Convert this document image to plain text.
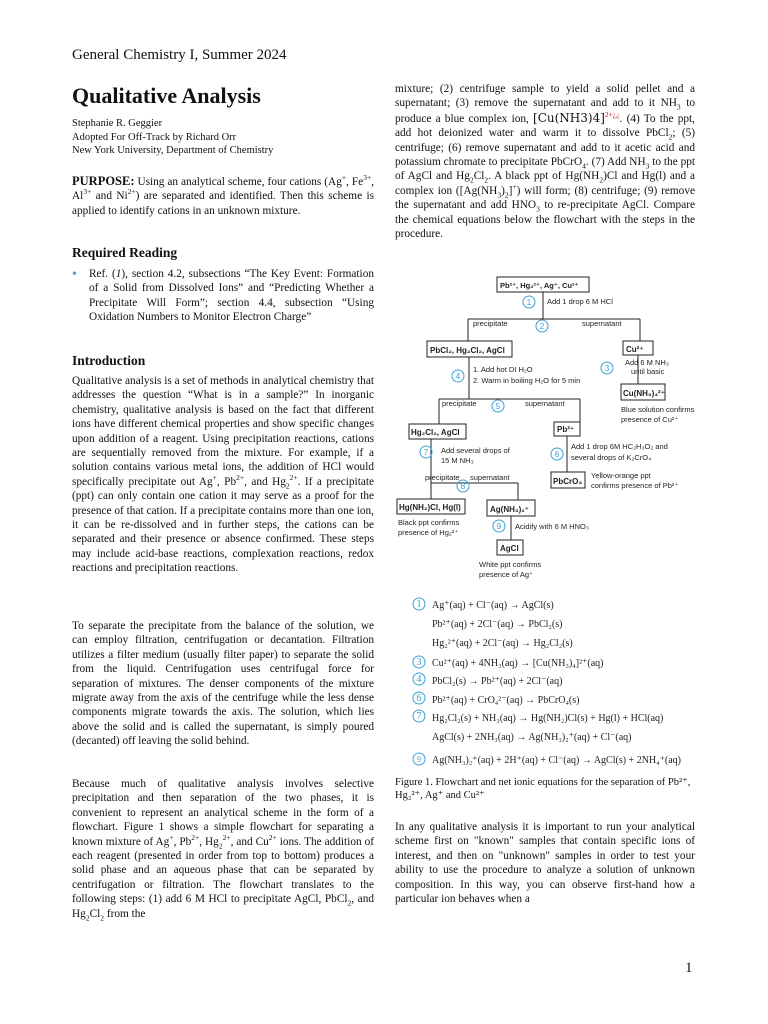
General Chemistry I, Summer 2024
Qualitative Analysis
Stephanie R. Geggier
Adopted For Off-Track by Richard Orr
New York University, Department of Chemistry

PURPOSE: Using an analytical scheme, four cations (Ag+, $Fe^{3+}$, $Al^{3+}$ and $Ni^{2+}$) are separated and identified. Then this scheme is applied to identify cations in an unknown mixture.

Required Reading
• Ref. (1), section 4.2, subsections “The Key Event: Formation of a Solid from Dissolved Ions” and “Predicting Whether a Precipitate Will Form”; section 4.4, subsection “Using Oxidation Numbers to Monitor Electron Charge”

Introduction

Qualitative analysis is a set of methods in analytical chemistry that addresses the question “What is in a sample?” In inorganic chemistry, qualitative analysis is based on the fact that different ions have different chemical properties and show specific changes upon addition of a reagent. Using precipitation reactions, cations are sequentially removed from the mixture. For example, if a solution contains various metal ions, the addition of HCl would specifically precipitate out Ag+, $Pb^{2+}$, and $Hg_2^{2+}$. If a precipitate (ppt) can only contain one cation it may serve as a proof for the presence of that cation. If a precipitate contains more than one ion, it can be re-dissolved and in further steps, the cations can be separated and their presence or absence confirmed. These steps may include acid-base reactions, complexation reactions, redox reactions and precipitation reactions.

To separate the precipitate from the balance of the solution, we can employ filtration, centrifugation or decantation. Filtration utilizes a filter medium (usually filter paper) to separate the solid from the liquid. Centrifugation uses centrifugal force for separation of mixtures. The denser components of the mixture migrate away from the axis of the centrifuge while the less dense components migrate towards the axis. The solution, which lies above the solid and is called the supernatant, is simply poured (decanted) off leaving the solid behind.

Because much of qualitative analysis involves selective precipitation and then separation of the two phases, it is convenient to represent an analytical scheme in the form of a flowchart. Figure 1 shows a simple flowchart for separating a known mixture of Ag+, $Pb^{2+}$, $Hg_2^{2+}$, and $Cu^{2+}$ ions. The addition of each reagent (presented in order from top to bottom) produces a solid phase and an aqueous phase that can be separated by centrifugation or filtration. The flowchart translates to the following steps: (1) add 6 M HCl to precipitate AgCl, PbCl$_2$, and $Hg_2Cl_2$ from the

mixture; (2) centrifuge sample to yield a solid pellet and a supernatant; (3) remove the supernatant and add to it $NH_3$ to produce a blue complex ion, $[Cu(NH3)4]^{2+¿¿}$. (4) To the ppt, add hot deionized water and warm it to dissolve PbCl$_2$; (5) centrifuge; (6) remove supernatant and add to it acetic acid and potassium chromate to precipitate PbCrO$_4$. (7) Add $NH_3$ to the ppt of AgCl and $Hg_2Cl_2$. A black ppt of $Hg(NH_2)Cl$ and Hg(l) and a complex ion $([Ag(NH_3)_2]^+)$ will form; (8) centrifuge; (9) remove the supernatant and add $HNO_3$ to re-precipitate AgCl. Compare the chemical equations below the flowchart with the steps in the procedure.

Pb²⁺, Hg₂²⁺, Ag⁺, Cu²⁺
Add 1 drop 6 M HCl
precipitate	supernatant
PbCl₂, Hg₂Cl₂, AgCl	Cu²⁺
Add 6 M NH₃
until basic
Cu(NH₃)₄²⁺
Blue solution confirms
presence of Cu²⁺
1. Add hot DI H₂O
2. Warm in boiling H₂O for 5 min
precipitate	supernatant
Hg₂Cl₂, AgCl	Pb²⁺
Add several drops of
15 M NH₃
Add 1 drop 6M HC₂H₃O₂ and
several drops of K₂CrO₄
PbCrO₄
Yellow-orange ppt
confirms presence of Pb²⁺
precipitate supernatant
Hg(NH₂)Cl, Hg(l)	Ag(NH₃)₂⁺
Black ppt confirms
presence of Hg₂²⁺
Acidify with 6 M HNO₃
AgCl
White ppt confirms
presence of Ag⁺
1
2
3
4
5
7	6
8
9
1
3
4
6
7
Ag⁺(aq) + Cl⁻(aq) → AgCl(s)
Pb²⁺(aq) + 2Cl⁻(aq) → PbCl₂(s)
Hg₂²⁺(aq) + 2Cl⁻(aq) → Hg₂Cl₂(s)
Cu²⁺(aq) + 4NH₃(aq) → [Cu(NH₃)₄]²⁺(aq)
PbCl₂(s) → Pb²⁺(aq) + 2Cl⁻(aq)
Pb²⁺(aq) + CrO₄²⁻(aq) → PbCrO₄(s)
Hg₂Cl₂(s) + NH₃(aq) → Hg(NH₂)Cl(s) + Hg(l) + HCl(aq)
AgCl(s) + 2NH₃(aq) → Ag(NH₃)₂⁺(aq) + Cl⁻(aq)
9 Ag(NH₃)₂⁺(aq) + 2H⁺(aq) + Cl⁻(aq) → AgCl(s) + 2NH₄⁺(aq)
Figure 1. Flowchart and net ionic equations for the separation of Pb²⁺, Hg₂²⁺, Ag⁺ and Cu²⁺

In any qualitative analysis it is important to run your analytical scheme first on "known" samples that contain specific ions of interest, and then on "unknown" samples in order to test your ability to use the procedure to analyze a solution of unknown composition. In this way, you can observe first-hand how a particular ion behaves when a

1
